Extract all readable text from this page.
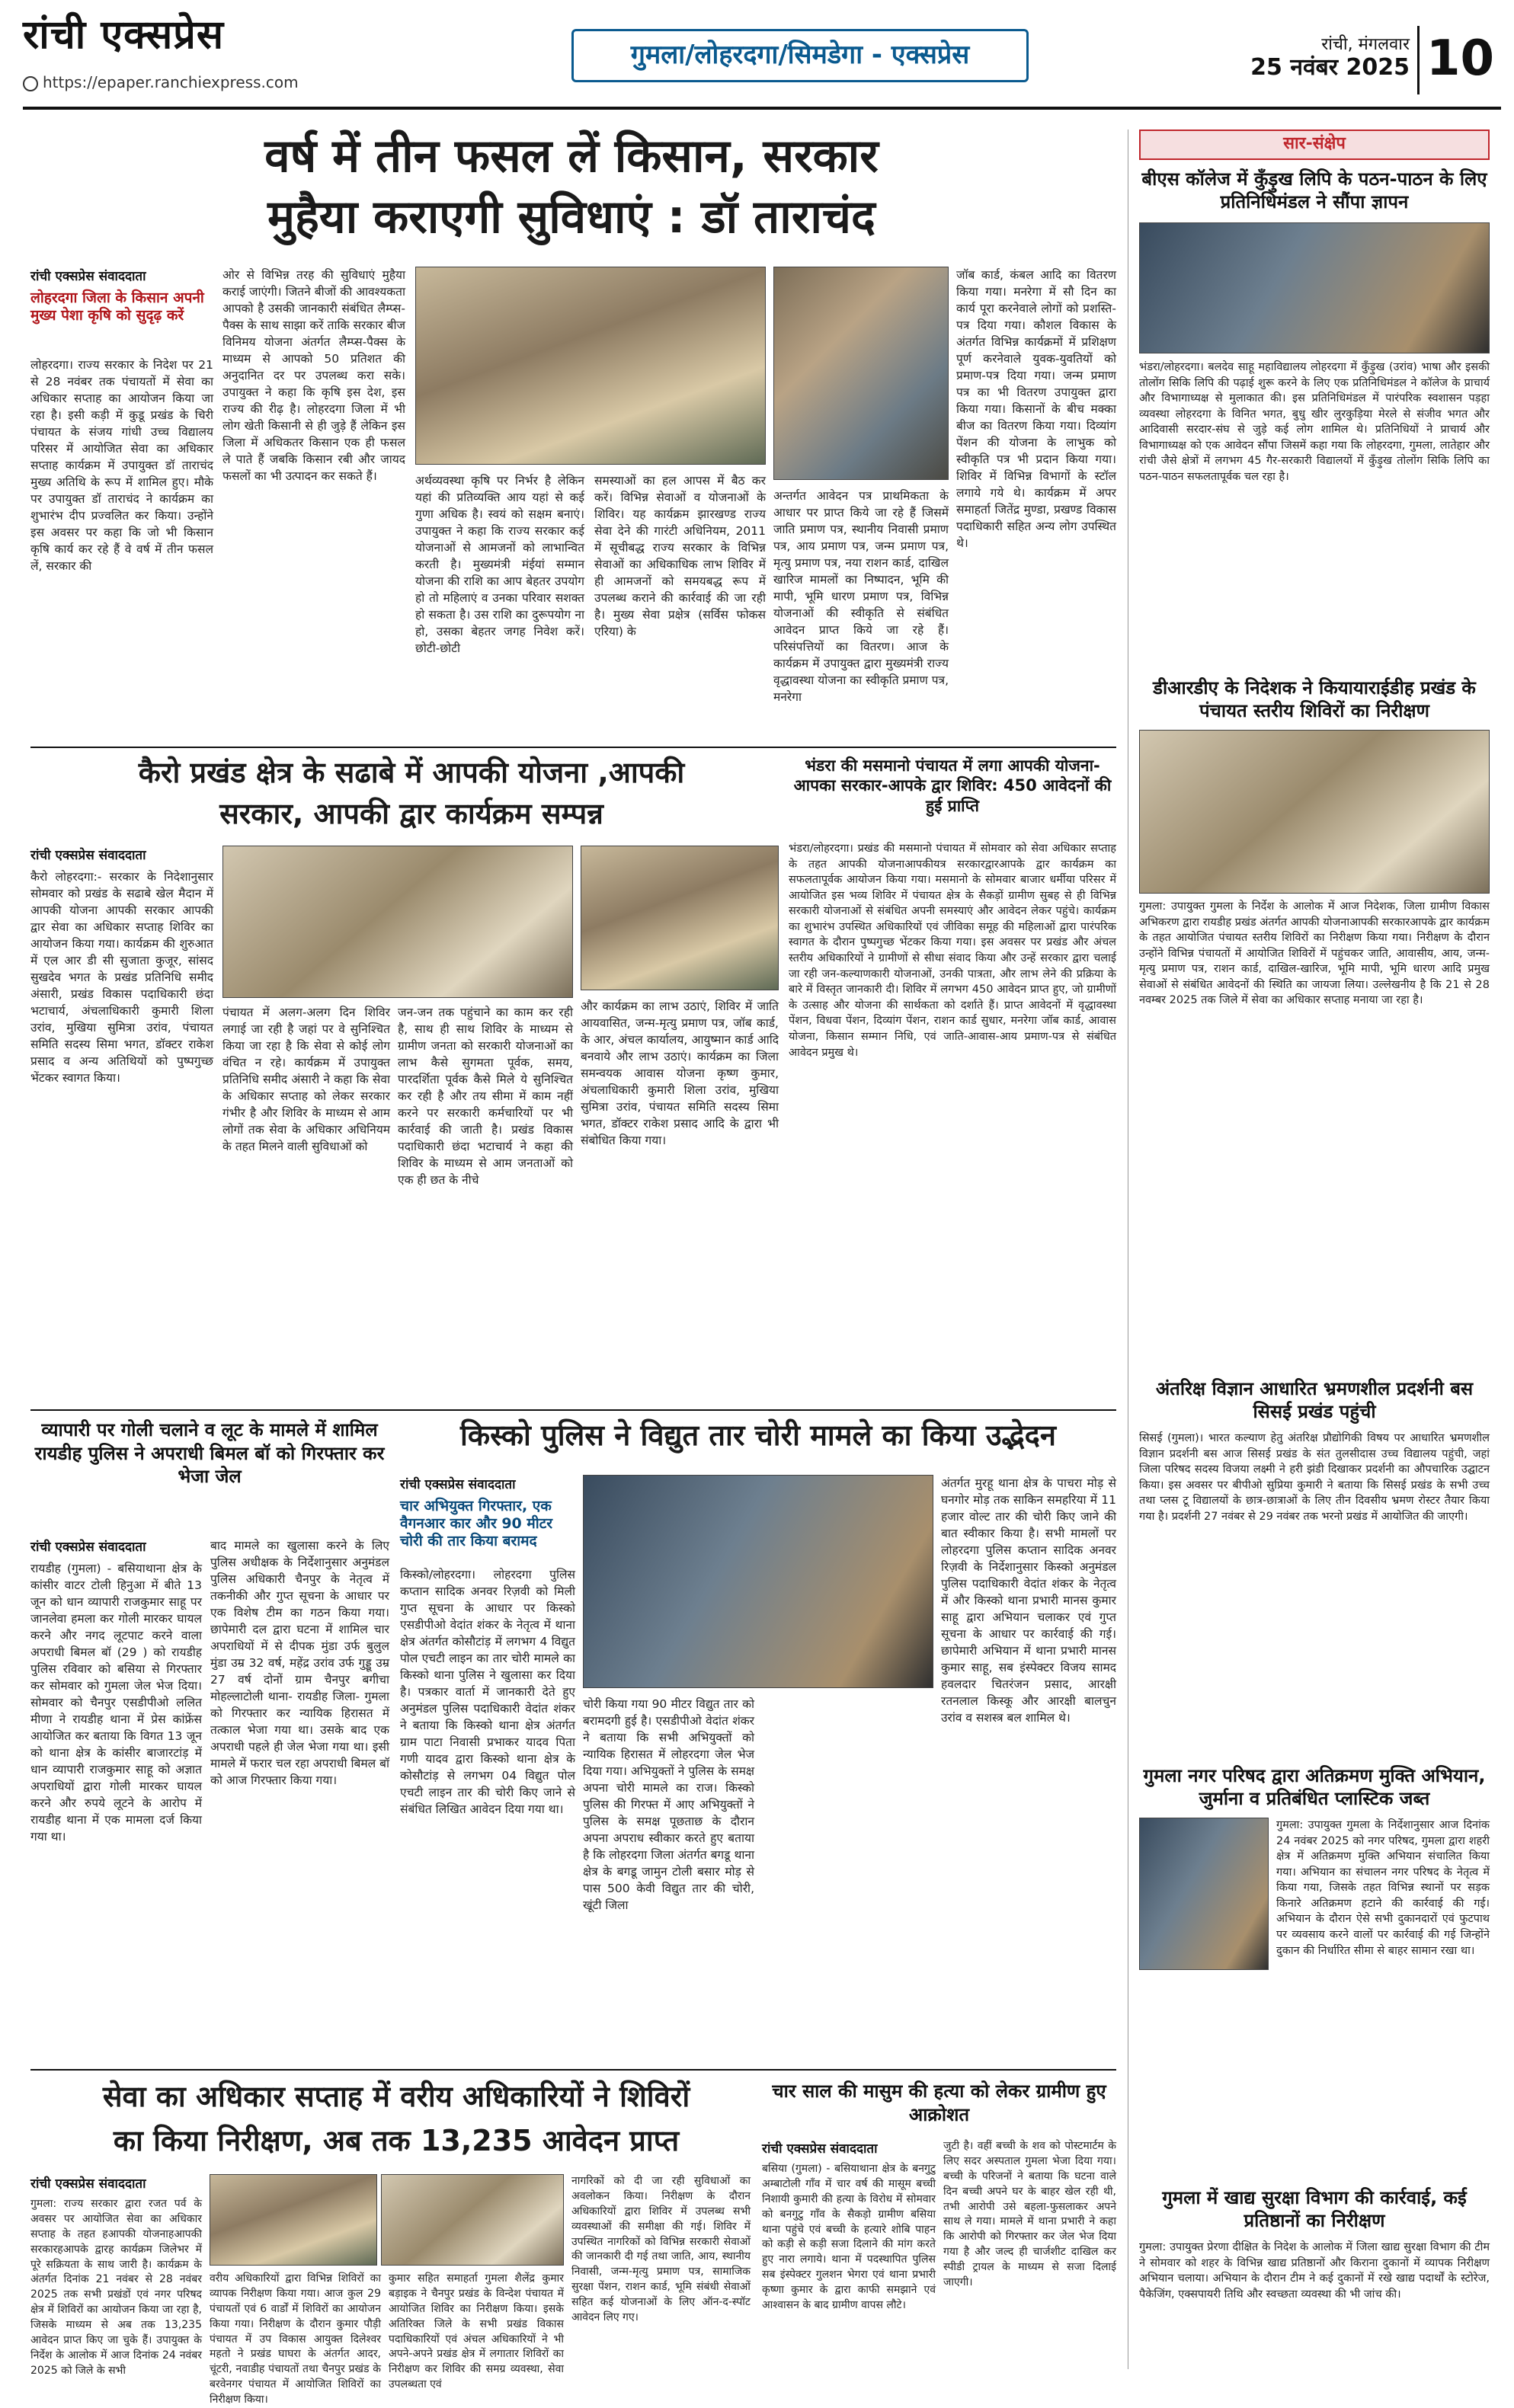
रांची एक्सप्रेस
https://epaper.ranchiexpress.com
गुमला/लोहरदगा/सिमडेगा - एक्सप्रेस	रांची, मंगलवार
25 नवंबर 2025 10
वर्ष में तीन फसल लें किसान, सरकार
मुहैया कराएगी सुविधाएं : डॉ ताराचंद
रांची एक्सप्रेस संवाददाता
लोहरदगा जिला के किसान अपनी मुख्य पेशा कृषि को सुदृढ़ करें
लोहरदगा। राज्य सरकार के निदेश पर 21 से 28 नवंबर तक पंचायतों में सेवा का अधिकार सप्ताह का आयोजन किया जा रहा है। इसी कड़ी में कुडू प्रखंड के चिरी पंचायत के संजय गांधी उच्च विद्यालय परिसर में आयोजित सेवा का अधिकार सप्ताह कार्यक्रम में उपायुक्त डॉ ताराचंद मुख्य अतिथि के रूप में शामिल हुए। मौके पर उपायुक्त डॉ ताराचंद ने कार्यक्रम का शुभारंभ दीप प्रज्वलित कर किया। उन्होंने इस अवसर पर कहा कि जो भी किसान कृषि कार्य कर रहे हैं वे वर्ष में तीन फसल लें, सरकार की
ओर से विभिन्न तरह की सुविधाएं मुहैया कराई जाएंगी। जितने बीजों की आवश्यकता आपको है उसकी जानकारी संबंधित लैम्प्स-पैक्स के साथ साझा करें ताकि सरकार बीज विनिमय योजना अंतर्गत लैम्प्स-पैक्स के माध्यम से आपको 50 प्रतिशत की अनुदानित दर पर उपलब्ध करा सके। उपायुक्त ने कहा कि कृषि इस देश, इस राज्य की रीढ़ है। लोहरदगा जिला में भी लोग खेती किसानी से ही जुड़े हैं लेकिन इस जिला में अधिकतर किसान एक ही फसल ले पाते हैं जबकि किसान रबी और जायद फसलों का भी उत्पादन कर सकते हैं।	अर्थव्यवस्था कृषि पर निर्भर है लेकिन यहां की प्रतिव्यक्ति आय यहां से कई गुणा अधिक है। स्वयं को सक्षम बनाएं। उपायुक्त ने कहा कि राज्य सरकार कई योजनाओं से आमजनों को लाभान्वित करती है। मुख्यमंत्री मंईयां सम्मान योजना की राशि का आप बेहतर उपयोग हो तो महिलाएं व उनका परिवार सशक्त हो सकता है। उस राशि का दुरूपयोग ना हो, उसका बेहतर जगह निवेश करें। छोटी-छोटी
समस्याओं का हल आपस में बैठ कर करें। विभिन्न सेवाओं व योजनाओं के शिविर। यह कार्यक्रम झारखण्ड राज्य सेवा देने की गारंटी अधिनियम, 2011 में सूचीबद्ध राज्य सरकार के विभिन्न सेवाओं का अधिकाधिक लाभ शिविर में ही आमजनों को समयबद्ध रूप में उपलब्ध कराने की कार्रवाई की जा रही है। मुख्य सेवा प्रक्षेत्र (सर्विस फोकस एरिया) के
अन्तर्गत आवेदन पत्र प्राथमिकता के आधार पर प्राप्त किये जा रहे हैं जिसमें जाति प्रमाण पत्र, स्थानीय निवासी प्रमाण पत्र, आय प्रमाण पत्र, जन्म प्रमाण पत्र, मृत्यु प्रमाण पत्र, नया राशन कार्ड, दाखिल खारिज मामलों का निष्पादन, भूमि की मापी, भूमि धारण प्रमाण पत्र, विभिन्न योजनाओं की स्वीकृति से संबंधित आवेदन प्राप्त किये जा रहे हैं। परिसंपत्तियों का वितरण। आज के कार्यक्रम में उपायुक्त द्वारा मुख्यमंत्री राज्य वृद्धावस्था योजना का स्वीकृति प्रमाण पत्र, मनरेगा
जॉब कार्ड, कंबल आदि का वितरण किया गया। मनरेगा में सौ दिन का कार्य पूरा करनेवाले लोगों को प्रशस्ति-पत्र दिया गया। कौशल विकास के अंतर्गत विभिन्न कार्यक्रमों में प्रशिक्षण पूर्ण करनेवाले युवक-युवतियों को प्रमाण-पत्र दिया गया। जन्म प्रमाण पत्र का भी वितरण उपायुक्त द्वारा किया गया। किसानों के बीच मक्का बीज का वितरण किया गया। दिव्यांग पेंशन की योजना के लाभुक को स्वीकृति पत्र भी प्रदान किया गया। शिविर में विभिन्न विभागों के स्टॉल लगाये गये थे। कार्यक्रम में अपर समाहर्ता जितेंद्र मुण्डा, प्रखण्ड विकास पदाधिकारी सहित अन्य लोग उपस्थित थे।
सार-संक्षेप
बीएस कॉलेज में कुँड़ुख लिपि के पठन-पाठन के लिए प्रतिनिधिमंडल ने सौंपा ज्ञापन
भंडरा/लोहरदगा। बलदेव साहू महाविद्यालय लोहरदगा में कुँड़ुख (उरांव) भाषा और इसकी तोलोंग सिकि लिपि की पढ़ाई शुरू करने के लिए एक प्रतिनिधिमंडल ने कॉलेज के प्राचार्य और विभागाध्यक्ष से मुलाकात की। इस प्रतिनिधिमंडल में पारंपरिक स्वशासन पड़हा व्यवस्था लोहरदगा के विनित भगत, बुधु खीर लुरकुड़िया मेरले से संजीव भगत और आदिवासी सरदार-संघ से जुड़े कई लोग शामिल थे। प्रतिनिधियों ने प्राचार्य और विभागाध्यक्ष को एक आवेदन सौंपा जिसमें कहा गया कि लोहरदगा, गुमला, लातेहार और रांची जैसे क्षेत्रों में लगभग 45 गैर-सरकारी विद्यालयों में कुँड़ुख तोलोंग सिकि लिपि का पठन-पाठन सफलतापूर्वक चल रहा है।
डीआरडीए के निदेशक ने कियायाराईडीह प्रखंड के पंचायत स्तरीय शिविरों का निरीक्षण
गुमला: उपायुक्त गुमला के निर्देश के आलोक में आज निदेशक, जिला ग्रामीण विकास अभिकरण द्वारा रायडीह प्रखंड अंतर्गत आपकी योजनाआपकी सरकारआपके द्वार कार्यक्रम के तहत आयोजित पंचायत स्तरीय शिविरों का निरीक्षण किया गया। निरीक्षण के दौरान उन्होंने विभिन्न पंचायतों में आयोजित शिविरों में पहुंचकर जाति, आवासीय, आय, जन्म-मृत्यु प्रमाण पत्र, राशन कार्ड, दाखिल-खारिज, भूमि मापी, भूमि धारण आदि प्रमुख सेवाओं से संबंधित आवेदनों की स्थिति का जायजा लिया। उल्लेखनीय है कि 21 से 28 नवम्बर 2025 तक जिले में सेवा का अधिकार सप्ताह मनाया जा रहा है।
अंतरिक्ष विज्ञान आधारित भ्रमणशील प्रदर्शनी बस सिसई प्रखंड पहुंची
सिसई (गुमला)। भारत कल्याण हेतु अंतरिक्ष प्रौद्योगिकी विषय पर आधारित भ्रमणशील विज्ञान प्रदर्शनी बस आज सिसई प्रखंड के संत तुलसीदास उच्च विद्यालय पहुंची, जहां जिला परिषद सदस्य विजया लक्ष्मी ने हरी झंडी दिखाकर प्रदर्शनी का औपचारिक उद्घाटन किया। इस अवसर पर बीपीओ सुप्रिया कुमारी ने बताया कि सिसई प्रखंड के सभी उच्च तथा प्लस टू विद्यालयों के छात्र-छात्राओं के लिए तीन दिवसीय भ्रमण रोस्टर तैयार किया गया है। प्रदर्शनी 27 नवंबर से 29 नवंबर तक भरनो प्रखंड में आयोजित की जाएगी।
गुमला नगर परिषद द्वारा अतिक्रमण मुक्ति अभियान, जुर्माना व प्रतिबंधित प्लास्टिक जब्त
गुमला: उपायुक्त गुमला के निर्देशानुसार आज दिनांक 24 नवंबर 2025 को नगर परिषद, गुमला द्वारा शहरी क्षेत्र में अतिक्रमण मुक्ति अभियान संचालित किया गया। अभियान का संचालन नगर परिषद के नेतृत्व में किया गया, जिसके तहत विभिन्न स्थानों पर सड़क किनारे अतिक्रमण हटाने की कार्रवाई की गई। अभियान के दौरान ऐसे सभी दुकानदारों एवं फुटपाथ पर व्यवसाय करने वालों पर कार्रवाई की गई जिन्होंने दुकान की निर्धारित सीमा से बाहर सामान रखा था।
गुमला में खाद्य सुरक्षा विभाग की कार्रवाई, कई प्रतिष्ठानों का निरीक्षण
गुमला: उपायुक्त प्रेरणा दीक्षित के निदेश के आलोक में जिला खाद्य सुरक्षा विभाग की टीम ने सोमवार को शहर के विभिन्न खाद्य प्रतिष्ठानों और किराना दुकानों में व्यापक निरीक्षण अभियान चलाया। अभियान के दौरान टीम ने कई दुकानों में रखे खाद्य पदार्थों के स्टोरेज, पैकेजिंग, एक्सपायरी तिथि और स्वच्छता व्यवस्था की भी जांच की।
कैरो प्रखंड क्षेत्र के सढाबे में आपकी योजना ,आपकी
सरकार, आपकी द्वार कार्यक्रम सम्पन्न
रांची एक्सप्रेस संवाददाता
कैरो लोहरदगा:- सरकार के निदेशानुसार सोमवार को प्रखंड के सढाबे खेल मैदान में आपकी योजना आपकी सरकार आपकी द्वार सेवा का अधिकार सप्ताह शिविर का आयोजन किया गया। कार्यक्रम की शुरुआत में एल आर डी सी सुजाता कुजूर, सांसद सुखदेव भगत के प्रखंड प्रतिनिधि समीद अंसारी, प्रखंड विकास पदाधिकारी छंदा भटाचार्य, अंचलाधिकारी कुमारी शिला उरांव, मुखिया सुमित्रा उरांव, पंचायत समिति सदस्य सिमा भगत, डॉक्टर राकेश प्रसाद व अन्य अतिथियों को पुष्पगुच्छ भेंटकर स्वागत किया।
पंचायत में अलग-अलग दिन शिविर लगाई जा रही है जहां पर वे सुनिश्चित किया जा रहा है कि सेवा से कोई लोग वंचित न रहे। कार्यक्रम में उपायुक्त प्रतिनिधि समीद अंसारी ने कहा कि सेवा के अधिकार सप्ताह को लेकर सरकार गंभीर है और शिविर के माध्यम से आम लोगों तक सेवा के अधिकार अधिनियम के तहत मिलने वाली सुविधाओं को
जन-जन तक पहुंचाने का काम कर रही है, साथ ही साथ शिविर के माध्यम से ग्रामीण जनता को सरकारी योजनाओं का लाभ कैसे सुगमता पूर्वक, समय, पारदर्शिता पूर्वक कैसे मिले ये सुनिश्चित कर रही है और तय सीमा में काम नहीं करने पर सरकारी कर्मचारियों पर भी कार्रवाई की जाती है। प्रखंड विकास पदाधिकारी छंदा भटाचार्य ने कहा की शिविर के माध्यम से आम जनताओं को एक ही छत के नीचे
और कार्यक्रम का लाभ उठाएं, शिविर में जाति आयवासित, जन्म-मृत्यु प्रमाण पत्र, जॉब कार्ड, के आर, अंचल कार्यालय, आयुष्मान कार्ड आदि बनवाये और लाभ उठाएं। कार्यक्रम का जिला समन्वयक आवास योजना कृष्ण कुमार, अंचलाधिकारी कुमारी शिला उरांव, मुखिया सुमित्रा उरांव, पंचायत समिति सदस्य सिमा भगत, डॉक्टर राकेश प्रसाद आदि के द्वारा भी संबोधित किया गया।
भंडरा की मसमानो पंचायत में लगा आपकी योजना-आपका सरकार-आपके द्वार शिविर: 450 आवेदनों की हुई प्राप्ति
भंडरा/लोहरदगा। प्रखंड की मसमानो पंचायत में सोमवार को सेवा अधिकार सप्ताह के तहत आपकी योजनाआपकीयत्र सरकारद्वारआपके द्वार कार्यक्रम का सफलतापूर्वक आयोजन किया गया। मसमानो के सोमवार बाजार धर्मीया परिसर में आयोजित इस भव्य शिविर में पंचायत क्षेत्र के सैकड़ों ग्रामीण सुबह से ही विभिन्न सरकारी योजनाओं से संबंधित अपनी समस्याएं और आवेदन लेकर पहुंचे। कार्यक्रम का शुभारंभ उपस्थित अधिकारियों एवं जीविका समूह की महिलाओं द्वारा पारंपरिक स्वागत के दौरान पुष्पगुच्छ भेंटकर किया गया। इस अवसर पर प्रखंड और अंचल स्तरीय अधिकारियों ने ग्रामीणों से सीधा संवाद किया और उन्हें सरकार द्वारा चलाई जा रही जन-कल्याणकारी योजनाओं, उनकी पात्रता, और लाभ लेने की प्रक्रिया के बारे में विस्तृत जानकारी दी। शिविर में लगभग 450 आवेदन प्राप्त हुए, जो ग्रामीणों के उत्साह और योजना की सार्थकता को दर्शाते हैं। प्राप्त आवेदनों में वृद्धावस्था पेंशन, विधवा पेंशन, दिव्यांग पेंशन, राशन कार्ड सुधार, मनरेगा जॉब कार्ड, आवास योजना, किसान सम्मान निधि, एवं जाति-आवास-आय प्रमाण-पत्र से संबंधित आवेदन प्रमुख थे।
व्यापारी पर गोली चलाने व लूट के मामले में शामिल रायडीह पुलिस ने अपराधी बिमल बॉ को गिरफ्तार कर भेजा जेल
रांची एक्सप्रेस संवाददाता
रायडीह (गुमला) - बसियाथाना क्षेत्र के कांसीर वाटर टोली हिनुआ में बीते 13 जून को धान व्यापारी राजकुमार साहू पर जानलेवा हमला कर गोली मारकर घायल करने और नगद लूटपाट करने वाला अपराधी बिमल बॉ (29 ) को रायडीह पुलिस रविवार को बसिया से गिरफ्तार कर सोमवार को गुमला जेल भेज दिया। सोमवार को चैनपुर एसडीपीओ ललित मीणा ने रायडीह थाना में प्रेस कांफ्रेंस आयोजित कर बताया कि विगत 13 जून को थाना क्षेत्र के कांसीर बाजारटांड़ में धान व्यापारी राजकुमार साहू को अज्ञात अपराधियों द्वारा गोली मारकर घायल करने और रुपये लूटने के आरोप में रायडीह थाना में एक मामला दर्ज किया गया था।
बाद मामले का खुलासा करने के लिए पुलिस अधीक्षक के निर्देशानुसार अनुमंडल पुलिस अधिकारी चैनपुर के नेतृत्व में तकनीकी और गुप्त सूचना के आधार पर एक विशेष टीम का गठन किया गया। छापेमारी दल द्वारा घटना में शामिल चार अपराधियों में से दीपक मुंडा उर्फ बुलुल मुंडा उम्र 32 वर्ष, महेंद्र उरांव उर्फ गुड्डू उम्र 27 वर्ष दोनों ग्राम चैनपुर बगीचा मोहल्लाटोली थाना- रायडीह जिला- गुमला को गिरफ्तार कर न्यायिक हिरासत में तत्काल भेजा गया था। उसके बाद एक अपराधी पहले ही जेल भेजा गया था। इसी मामले में फरार चल रहा अपराधी बिमल बॉ को आज गिरफ्तार किया गया।
किस्को पुलिस ने विद्युत तार चोरी मामले का किया उद्भेदन
रांची एक्सप्रेस संवाददाता
चार अभियुक्त गिरफ्तार, एक वैगनआर कार और 90 मीटर चोरी की तार किया बरामद
किस्को/लोहरदगा। लोहरदगा पुलिस कप्तान सादिक अनवर रिज़वी को मिली गुप्त सूचना के आधार पर किस्को एसडीपीओ वेदांत शंकर के नेतृत्व में थाना क्षेत्र अंतर्गत कोसौटांड़ में लगभग 4 विद्युत पोल एचटी लाइन का तार चोरी मामले का किस्को थाना पुलिस ने खुलासा कर दिया है। पत्रकार वार्ता में जानकारी देते हुए अनुमंडल पुलिस पदाधिकारी वेदांत शंकर ने बताया कि किस्को थाना क्षेत्र अंतर्गत ग्राम पाटा निवासी प्रभाकर यादव पिता गणी यादव द्वारा किस्को थाना क्षेत्र के कोसौटांड़ से लगभग 04 विद्युत पोल एचटी लाइन तार की चोरी किए जाने से संबंधित लिखित आवेदन दिया गया था।
चोरी किया गया 90 मीटर विद्युत तार को बरामदगी हुई है। एसडीपीओ वेदांत शंकर ने बताया कि सभी अभियुक्तों को न्यायिक हिरासत में लोहरदगा जेल भेज दिया गया। अभियुक्तों ने पुलिस के समक्ष अपना चोरी मामले का राज। किस्को पुलिस की गिरफ्त में आए अभियुक्तों ने पुलिस के समक्ष पूछताछ के दौरान अपना अपराध स्वीकार करते हुए बताया है कि लोहरदगा जिला अंतर्गत बगडू थाना क्षेत्र के बगडू जामुन टोली बसार मोड़ से पास 500 केवी विद्युत तार की चोरी, खूंटी जिला
अंतर्गत मुरहू थाना क्षेत्र के पाचरा मोड़ से घनगोर मोड़ तक साकिन समहरिया में 11 हजार वोल्ट तार की चोरी किए जाने की बात स्वीकार किया है। सभी मामलों पर लोहरदगा पुलिस कप्तान सादिक अनवर रिज़वी के निर्देशानुसार किस्को अनुमंडल पुलिस पदाधिकारी वेदांत शंकर के नेतृत्व में और किस्को थाना प्रभारी मानस कुमार साहू द्वारा अभियान चलाकर एवं गुप्त सूचना के आधार पर कार्रवाई की गई। छापेमारी अभियान में थाना प्रभारी मानस कुमार साहू, सब इंस्पेक्टर विजय सामद हवलदार चितरंजन प्रसाद, आरक्षी रतनलाल किस्कू और आरक्षी बालचुन उरांव व सशस्त्र बल शामिल थे।
सेवा का अधिकार सप्ताह में वरीय अधिकारियों ने शिविरों
का किया निरीक्षण, अब तक 13,235 आवेदन प्राप्त
रांची एक्सप्रेस संवाददाता
गुमला: राज्य सरकार द्वारा रजत पर्व के अवसर पर आयोजित सेवा का अधिकार सप्ताह के तहत हआपकी योजनाहआपकी सरकारहआपके द्वारह कार्यक्रम जिलेभर में पूरे सक्रियता के साथ जारी है। कार्यक्रम के अंतर्गत दिनांक 21 नवंबर से 28 नवंबर 2025 तक सभी प्रखंडों एवं नगर परिषद क्षेत्र में शिविरों का आयोजन किया जा रहा है, जिसके माध्यम से अब तक 13,235 आवेदन प्राप्त किए जा चुके हैं। उपायुक्त के निर्देश के आलोक में आज दिनांक 24 नवंबर 2025 को जिले के सभी
वरीय अधिकारियों द्वारा विभिन्न शिविरों का व्यापक निरीक्षण किया गया। आज कुल 29 पंचायतों एवं 6 वार्डों में शिविरों का आयोजन किया गया। निरीक्षण के दौरान कुमार पौड़ी पंचायत में उप विकास आयुक्त दिलेश्वर महतो ने प्रखंड घाघरा के अंतर्गत आदर, चूंटरी, नवाडीह पंचायतों तथा चैनपुर प्रखंड के बरवेनगर पंचायत में आयोजित शिविरों का निरीक्षण किया।
कुमार सहित समाहर्ता गुमला शैलेंद्र कुमार बड़ाइक ने चैनपुर प्रखंड के विन्देश पंचायत में आयोजित शिविर का निरीक्षण किया। इसके अतिरिक्त जिले के सभी प्रखंड विकास पदाधिकारियों एवं अंचल अधिकारियों ने भी अपने-अपने प्रखंड क्षेत्र में लगातार शिविरों का निरीक्षण कर शिविर की समग्र व्यवस्था, सेवा उपलब्धता एवं
नागरिकों को दी जा रही सुविधाओं का अवलोकन किया। निरीक्षण के दौरान अधिकारियों द्वारा शिविर में उपलब्ध सभी व्यवस्थाओं की समीक्षा की गई। शिविर में उपस्थित नागरिकों को विभिन्न सरकारी सेवाओं की जानकारी दी गई तथा जाति, आय, स्थानीय निवासी, जन्म-मृत्यु प्रमाण पत्र, सामाजिक सुरक्षा पेंशन, राशन कार्ड, भूमि संबंधी सेवाओं सहित कई योजनाओं के लिए ऑन-द-स्पॉट आवेदन लिए गए।
चार साल की मासुम की हत्या को लेकर ग्रामीण हुए आक्रोशत
रांची एक्सप्रेस संवाददाता
बसिया (गुमला) - बसियाथाना क्षेत्र के बनगुटु अम्बाटोली गाँव में चार वर्ष की मासूम बच्ची निशायी कुमारी की हत्या के विरोध में सोमवार को बनगुटु गाँव के सैकड़ो ग्रामीण बसिया थाना पहुंचे एवं बच्ची के हत्यारे शोबि पाहन को कड़ी से कड़ी सजा दिलाने की मांग करते हुए नारा लगाये। थाना में पदस्थापित पुलिस सब इंस्पेक्टर गुलशन भेगरा एवं थाना प्रभारी कृष्णा कुमार के द्वारा काफी समझाने एवं आश्वासन के बाद ग्रामीण वापस लौटे।
जुटी है। वहीं बच्ची के शव को पोस्टमार्टम के लिए सदर अस्पताल गुमला भेजा दिया गया। बच्ची के परिजनों ने बताया कि घटना वाले दिन बच्ची अपने घर के बाहर खेल रही थी, तभी आरोपी उसे बहला-फुसलाकर अपने साथ ले गया। मामले में थाना प्रभारी ने कहा कि आरोपी को गिरफ्तार कर जेल भेज दिया गया है और जल्द ही चार्जशीट दाखिल कर स्पीडी ट्रायल के माध्यम से सजा दिलाई जाएगी।
